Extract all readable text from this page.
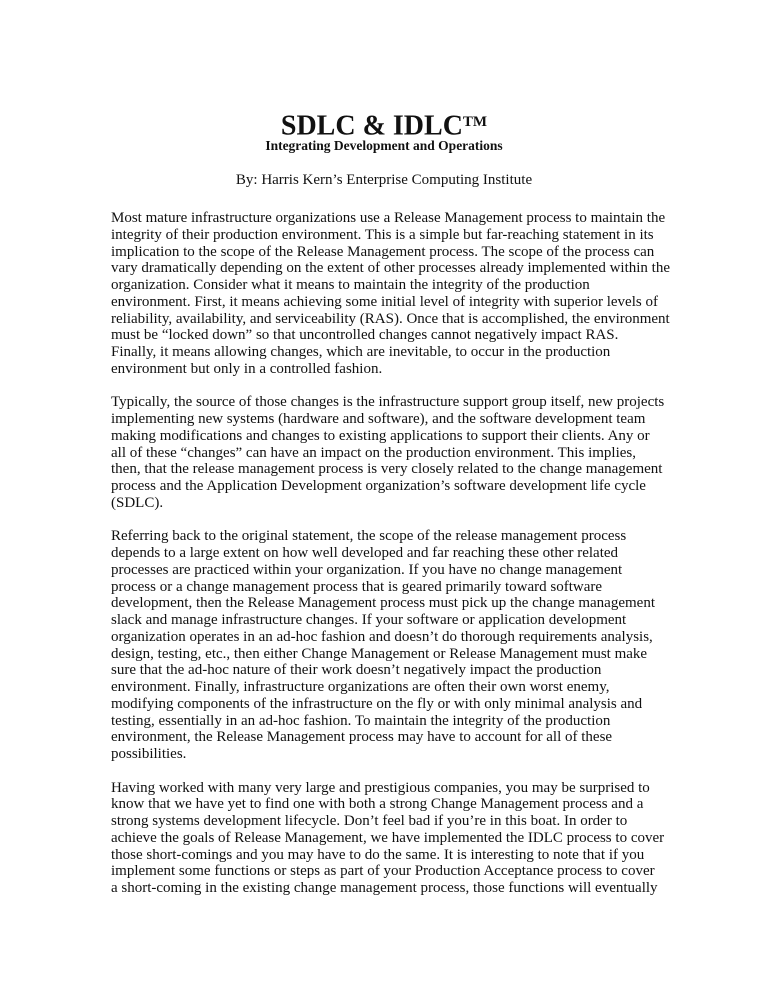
SDLC & IDLC™
Integrating Development and Operations
By: Harris Kern’s Enterprise Computing Institute

Most mature infrastructure organizations use a Release Management process to maintain the
integrity of their production environment. This is a simple but far-reaching statement in its
implication to the scope of the Release Management process. The scope of the process can
vary dramatically depending on the extent of other processes already implemented within the
organization. Consider what it means to maintain the integrity of the production
environment. First, it means achieving some initial level of integrity with superior levels of
reliability, availability, and serviceability (RAS). Once that is accomplished, the environment
must be “locked down” so that uncontrolled changes cannot negatively impact RAS.
Finally, it means allowing changes, which are inevitable, to occur in the production
environment but only in a controlled fashion.

Typically, the source of those changes is the infrastructure support group itself, new projects
implementing new systems (hardware and software), and the software development team
making modifications and changes to existing applications to support their clients. Any or
all of these “changes” can have an impact on the production environment. This implies,
then, that the release management process is very closely related to the change management
process and the Application Development organization’s software development life cycle
(SDLC).

Referring back to the original statement, the scope of the release management process
depends to a large extent on how well developed and far reaching these other related
processes are practiced within your organization. If you have no change management
process or a change management process that is geared primarily toward software
development, then the Release Management process must pick up the change management
slack and manage infrastructure changes. If your software or application development
organization operates in an ad-hoc fashion and doesn’t do thorough requirements analysis,
design, testing, etc., then either Change Management or Release Management must make
sure that the ad-hoc nature of their work doesn’t negatively impact the production
environment. Finally, infrastructure organizations are often their own worst enemy,
modifying components of the infrastructure on the fly or with only minimal analysis and
testing, essentially in an ad-hoc fashion. To maintain the integrity of the production
environment, the Release Management process may have to account for all of these
possibilities.

Having worked with many very large and prestigious companies, you may be surprised to
know that we have yet to find one with both a strong Change Management process and a
strong systems development lifecycle. Don’t feel bad if you’re in this boat. In order to
achieve the goals of Release Management, we have implemented the IDLC process to cover
those short-comings and you may have to do the same. It is interesting to note that if you
implement some functions or steps as part of your Production Acceptance process to cover
a short-coming in the existing change management process, those functions will eventually
